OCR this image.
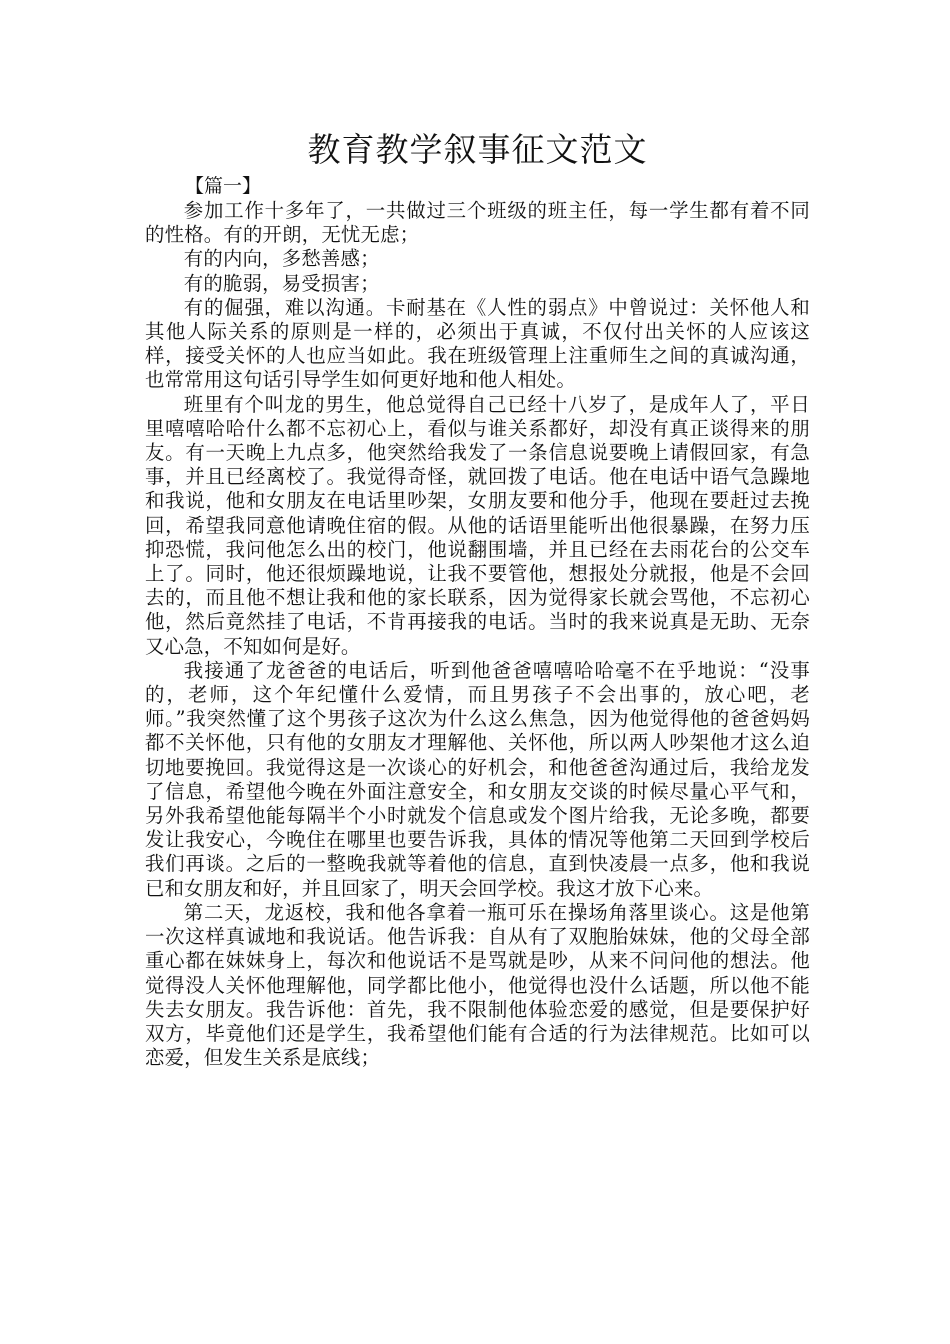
教育教学叙事征文范文
【篇一】

参加工作十多年了，一共做过三个班级的班主任，每一学生都有着不同的性格。有的开朗，无忧无虑；

有的内向，多愁善感；

有的脆弱，易受损害；

有的倔强，难以沟通。卡耐基在《人性的弱点》中曾说过：关怀他人和其他人际关系的原则是一样的，必须出于真诚，不仅付出关怀的人应该这样，接受关怀的人也应当如此。我在班级管理上注重师生之间的真诚沟通，也常常用这句话引导学生如何更好地和他人相处。

班里有个叫龙的男生，他总觉得自己已经十八岁了，是成年人了，平日里嘻嘻哈哈什么都不忘初心上，看似与谁关系都好，却没有真正谈得来的朋友。有一天晚上九点多，他突然给我发了一条信息说要晚上请假回家，有急事，并且已经离校了。我觉得奇怪，就回拨了电话。他在电话中语气急躁地和我说，他和女朋友在电话里吵架，女朋友要和他分手，他现在要赶过去挽回，希望我同意他请晚住宿的假。从他的话语里能听出他很暴躁，在努力压抑恐慌，我问他怎么出的校门，他说翻围墙，并且已经在去雨花台的公交车上了。同时，他还很烦躁地说，让我不要管他，想报处分就报，他是不会回去的，而且他不想让我和他的家长联系，因为觉得家长就会骂他，不忘初心他，然后竟然挂了电话，不肯再接我的电话。当时的我来说真是无助、无奈又心急，不知如何是好。

我接通了龙爸爸的电话后，听到他爸爸嘻嘻哈哈毫不在乎地说：“没事的，老师，这个年纪懂什么爱情，而且男孩子不会出事的，放心吧，老师。”我突然懂了这个男孩子这次为什么这么焦急，因为他觉得他的爸爸妈妈都不关怀他，只有他的女朋友才理解他、关怀他，所以两人吵架他才这么迫切地要挽回。我觉得这是一次谈心的好机会，和他爸爸沟通过后，我给龙发了信息，希望他今晚在外面注意安全，和女朋友交谈的时候尽量心平气和，另外我希望他能每隔半个小时就发个信息或发个图片给我，无论多晚，都要发让我安心，今晚住在哪里也要告诉我，具体的情况等他第二天回到学校后我们再谈。之后的一整晚我就等着他的信息，直到快凌晨一点多，他和我说已和女朋友和好，并且回家了，明天会回学校。我这才放下心来。

第二天，龙返校，我和他各拿着一瓶可乐在操场角落里谈心。这是他第一次这样真诚地和我说话。他告诉我：自从有了双胞胎妹妹，他的父母全部重心都在妹妹身上，每次和他说话不是骂就是吵，从来不问问他的想法。他觉得没人关怀他理解他，同学都比他小，他觉得也没什么话题，所以他不能失去女朋友。我告诉他：首先，我不限制他体验恋爱的感觉，但是要保护好双方，毕竟他们还是学生，我希望他们能有合适的行为法律规范。比如可以恋爱，但发生关系是底线；
